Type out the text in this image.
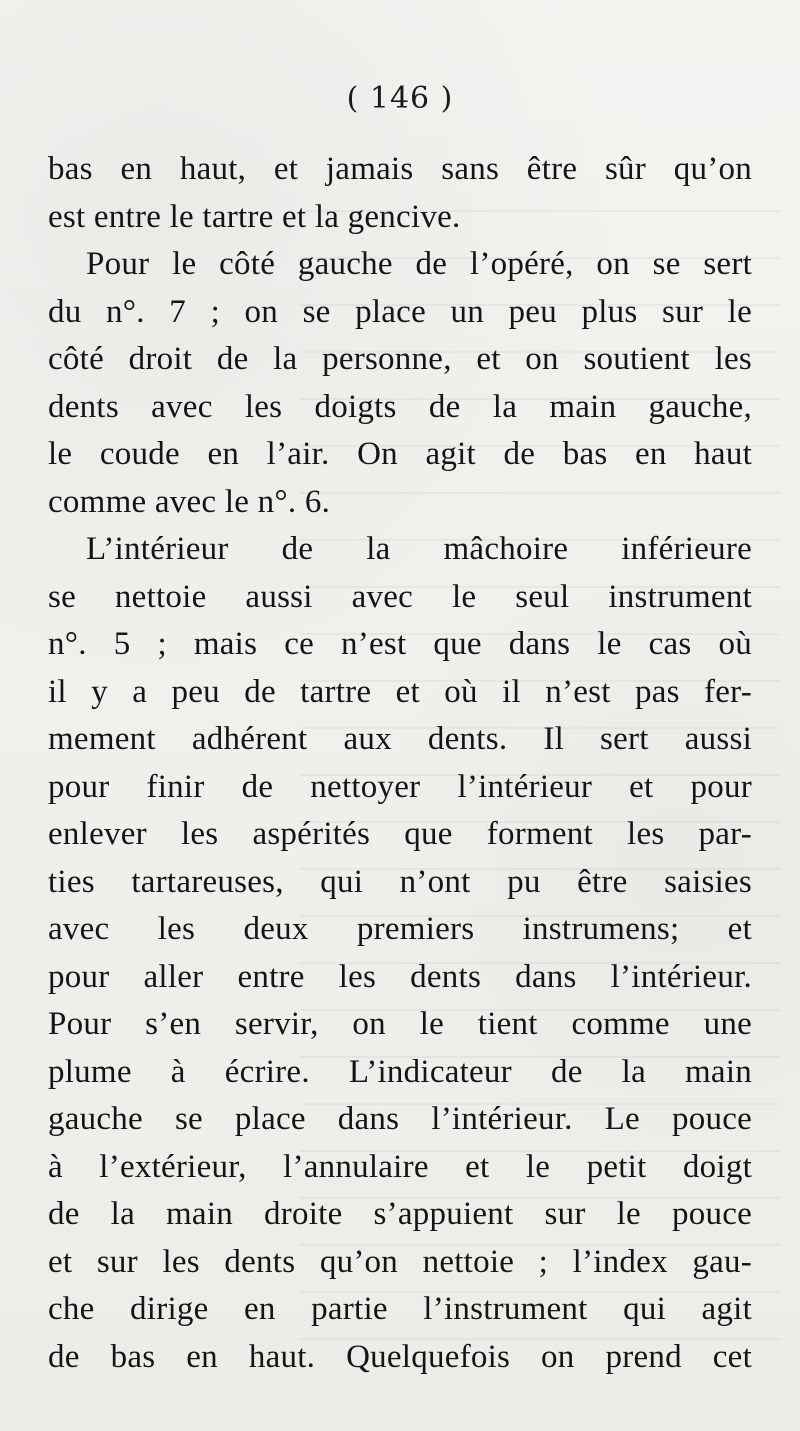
( 146 )
bas en haut, et jamais sans être sûr qu’on
est entre le tartre et la gencive.
Pour le côté gauche de l’opéré, on se sert
du n°. 7 ; on se place un peu plus sur le
côté droit de la personne, et on soutient les
dents avec les doigts de la main gauche,
le coude en l’air. On agit de bas en haut
comme avec le n°. 6.
L’intérieur de la mâchoire inférieure
se nettoie aussi avec le seul instrument
n°. 5 ; mais ce n’est que dans le cas où
il y a peu de tartre et où il n’est pas fer-
mement adhérent aux dents. Il sert aussi
pour finir de nettoyer l’intérieur et pour
enlever les aspérités que forment les par-
ties tartareuses, qui n’ont pu être saisies
avec les deux premiers instrumens; et
pour aller entre les dents dans l’intérieur.
Pour s’en servir, on le tient comme une
plume à écrire. L’indicateur de la main
gauche se place dans l’intérieur. Le pouce
à l’extérieur, l’annulaire et le petit doigt
de la main droite s’appuient sur le pouce
et sur les dents qu’on nettoie ; l’index gau-
che dirige en partie l’instrument qui agit
de bas en haut. Quelquefois on prend cet
